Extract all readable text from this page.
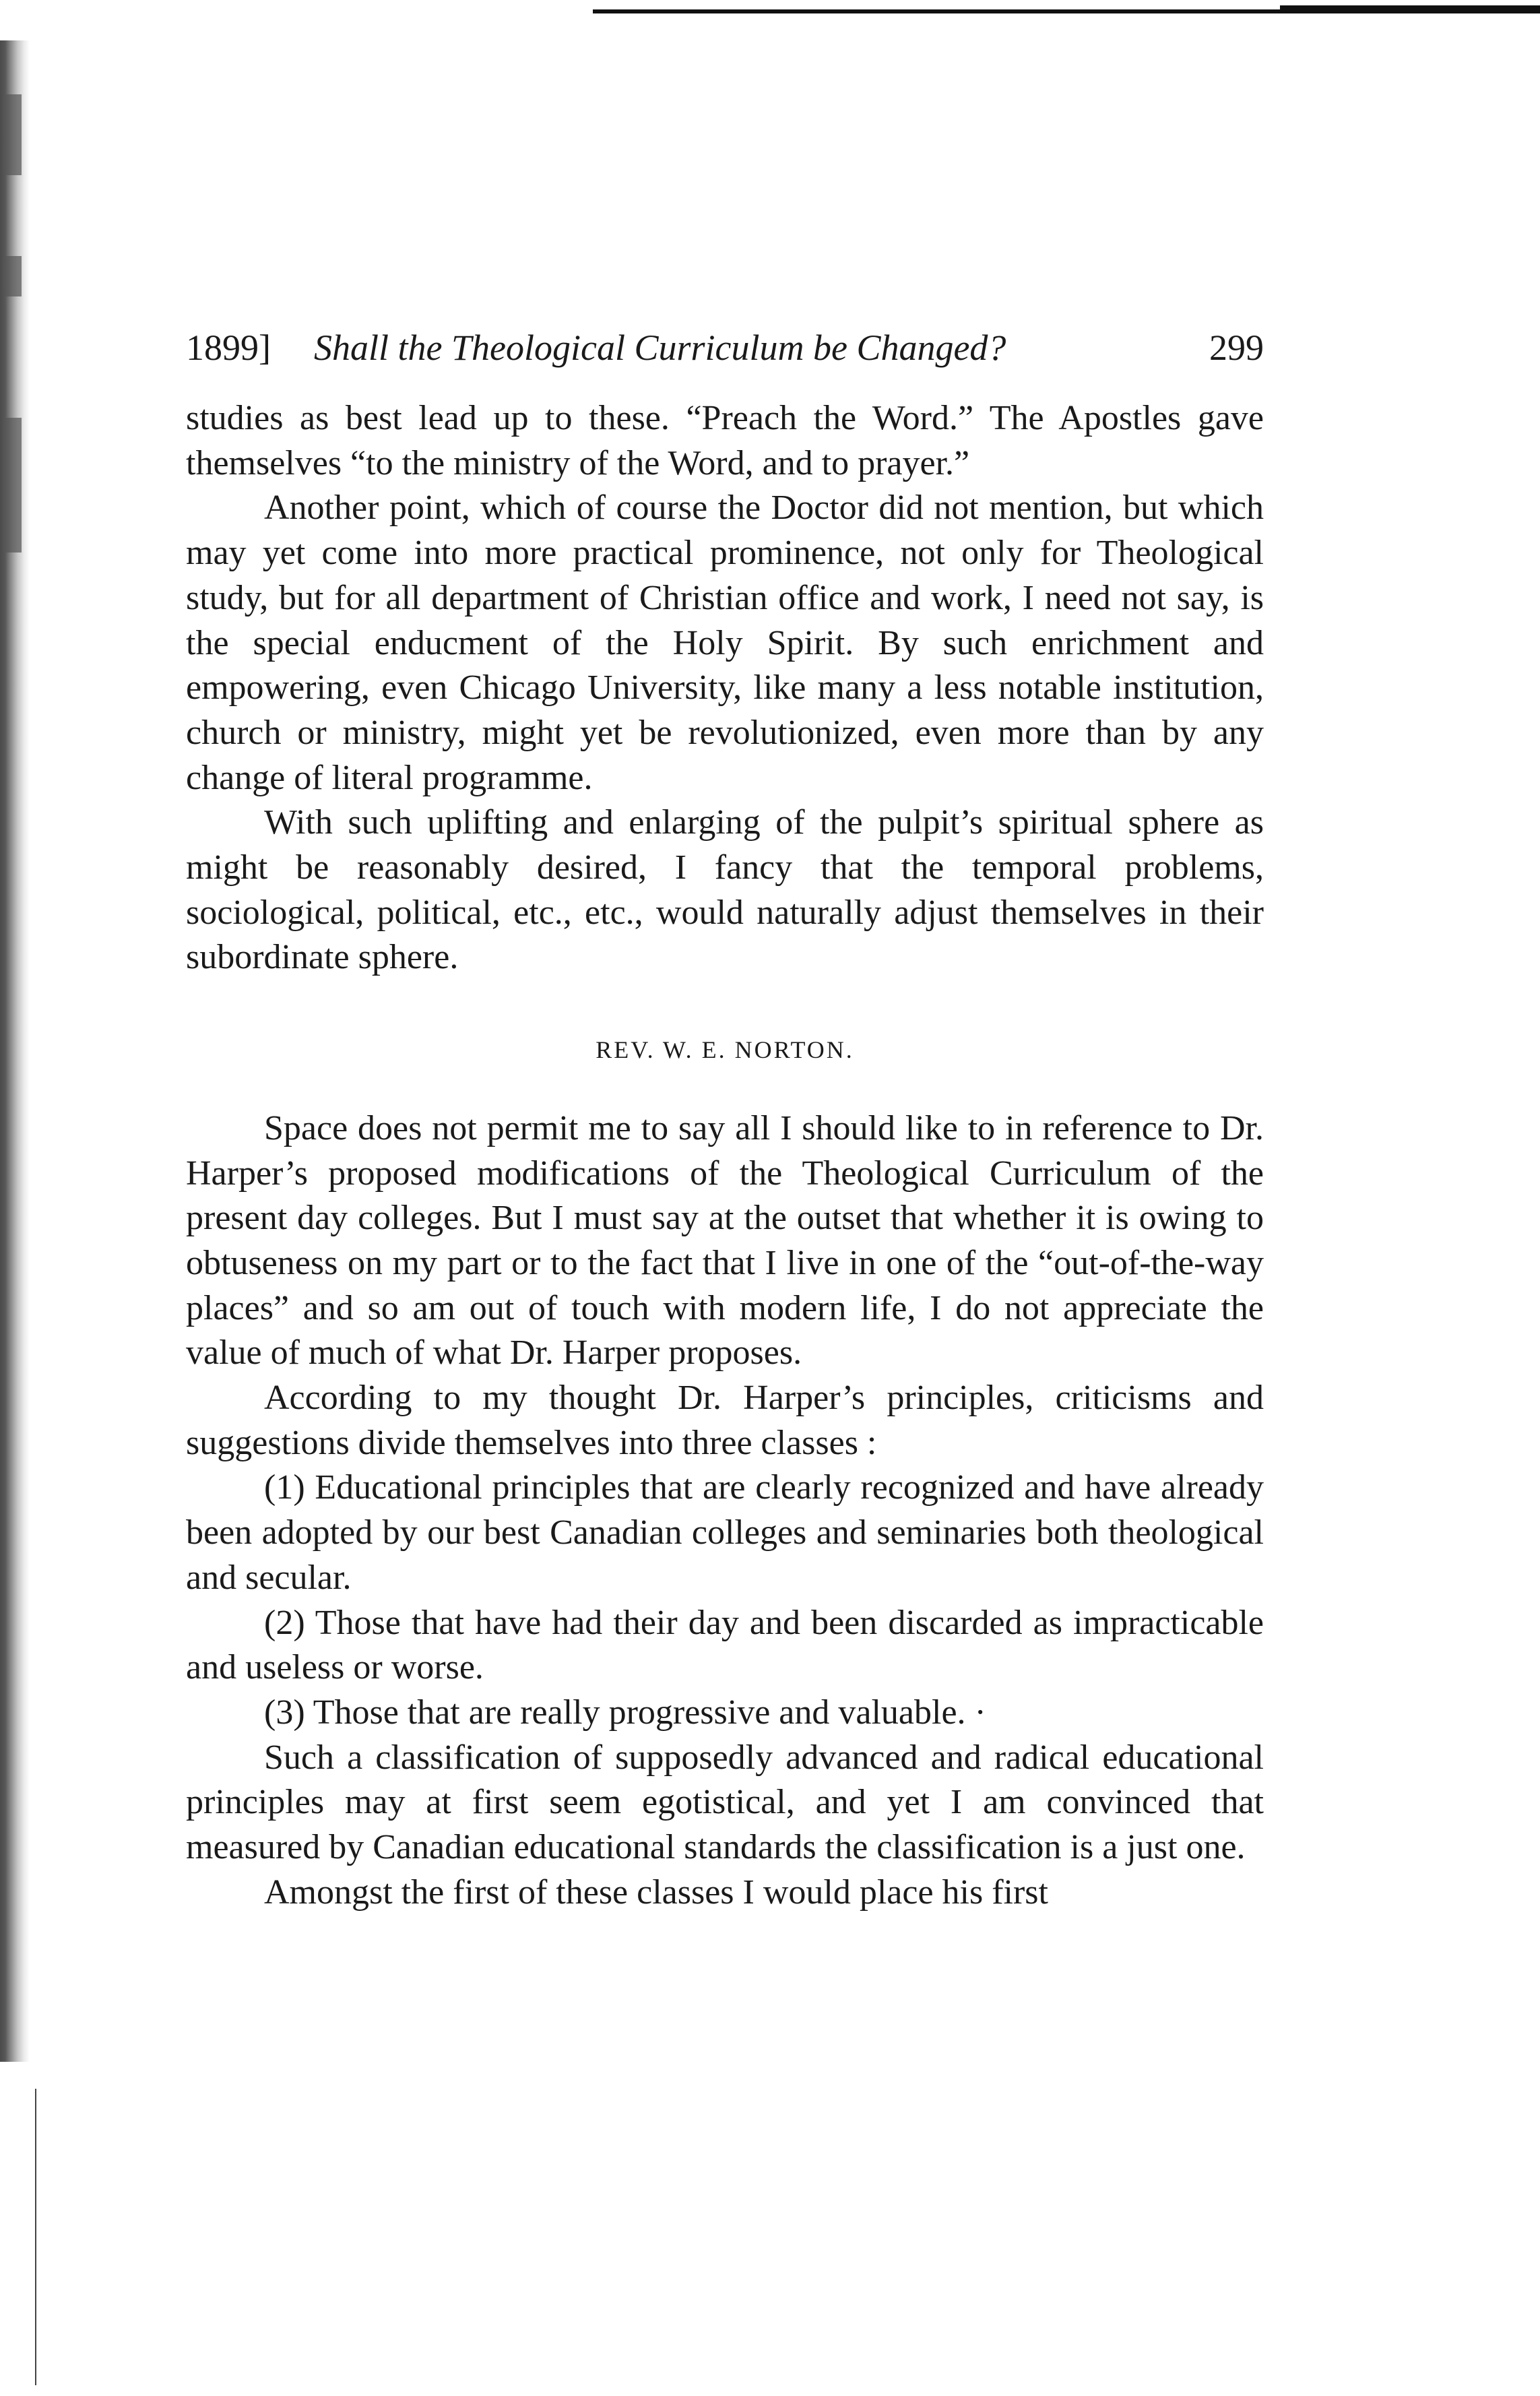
1899] Shall the Theological Curriculum be Changed?	299

studies as best lead up to these. “Preach the Word.” The Apostles gave themselves “to the ministry of the Word, and to prayer.”

Another point, which of course the Doctor did not mention, but which may yet come into more practical prominence, not only for Theological study, but for all department of Christian office and work, I need not say, is the special enducment of the Holy Spirit. By such enrichment and empowering, even Chicago University, like many a less notable institution, church or ministry, might yet be revolutionized, even more than by any change of literal programme.

With such uplifting and enlarging of the pulpit’s spiritual sphere as might be reasonably desired, I fancy that the temporal problems, sociological, political, etc., etc., would naturally adjust themselves in their subordinate sphere.

REV. W. E. NORTON.

Space does not permit me to say all I should like to in reference to Dr. Harper’s proposed modifications of the Theological Curriculum of the present day colleges. But I must say at the outset that whether it is owing to obtuseness on my part or to the fact that I live in one of the “out-of-the-way places” and so am out of touch with modern life, I do not appreciate the value of much of what Dr. Harper proposes.

According to my thought Dr. Harper’s principles, criticisms and suggestions divide themselves into three classes :

(1) Educational principles that are clearly recognized and have already been adopted by our best Canadian colleges and seminaries both theological and secular.

(2) Those that have had their day and been discarded as impracticable and useless or worse.

(3) Those that are really progressive and valuable. ·

Such a classification of supposedly advanced and radical educational principles may at first seem egotistical, and yet I am convinced that measured by Canadian educational standards the classification is a just one.

Amongst the first of these classes I would place his first
